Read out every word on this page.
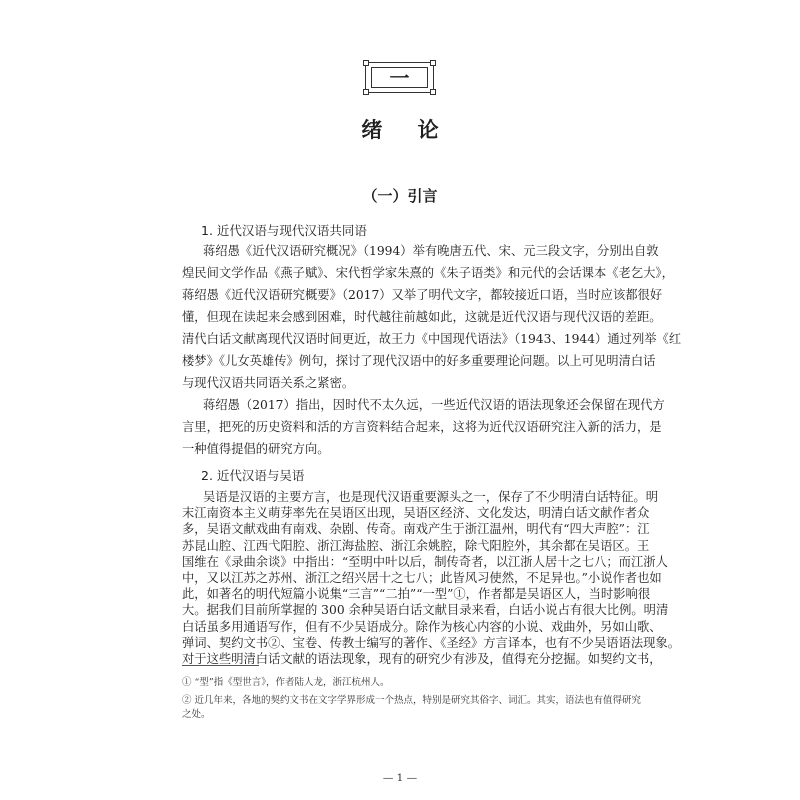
一
绪 论
（一）引言
1. 近代汉语与现代汉语共同语
蒋绍愚《近代汉语研究概况》（1994）举有晚唐五代、宋、元三段文字，分别出自敦
煌民间文学作品《燕子赋》、宋代哲学家朱熹的《朱子语类》和元代的会话课本《老乞大》，
蒋绍愚《近代汉语研究概要》（2017）又举了明代文字，都较接近口语，当时应该都很好
懂，但现在读起来会感到困难，时代越往前越如此，这就是近代汉语与现代汉语的差距。
清代白话文献离现代汉语时间更近，故王力《中国现代语法》（1943、1944）通过列举《红
楼梦》《儿女英雄传》例句，探讨了现代汉语中的好多重要理论问题。以上可见明清白话
与现代汉语共同语关系之紧密。
蒋绍愚（2017）指出，因时代不太久远，一些近代汉语的语法现象还会保留在现代方
言里，把死的历史资料和活的方言资料结合起来，这将为近代汉语研究注入新的活力，是
一种值得提倡的研究方向。
2. 近代汉语与吴语
① “型”指《型世言》，作者陆人龙，浙江杭州人。
② 近几年来，各地的契约文书在文字学界形成一个热点，特别是研究其俗字、词汇。其实，语法也有值得研究
之处。
— 1 —
吴语是汉语的主要方言，也是现代汉语重要源头之一，保存了不少明清白话特征。明
末江南资本主义萌芽率先在吴语区出现，吴语区经济、文化发达，明清白话文献作者众
多，吴语文献戏曲有南戏、杂剧、传奇。南戏产生于浙江温州，明代有“四大声腔”：江
苏昆山腔、江西弋阳腔、浙江海盐腔、浙江余姚腔，除弋阳腔外，其余都在吴语区。王
国维在《录曲余谈》中指出：“至明中叶以后，制传奇者，以江浙人居十之七八；而江浙人
中，又以江苏之苏州、浙江之绍兴居十之七八；此皆风习使然，不足异也。”小说作者也如
此，如著名的明代短篇小说集“三言”“二拍”“一型”①，作者都是吴语区人，当时影响很
大。据我们目前所掌握的 300 余种吴语白话文献目录来看，白话小说占有很大比例。明清
白话虽多用通语写作，但有不少吴语成分。除作为核心内容的小说、戏曲外，另如山歌、
弹词、契约文书②、宝卷、传教士编写的著作、《圣经》方言译本，也有不少吴语语法现象。
对于这些明清白话文献的语法现象，现有的研究少有涉及，值得充分挖掘。如契约文书，
